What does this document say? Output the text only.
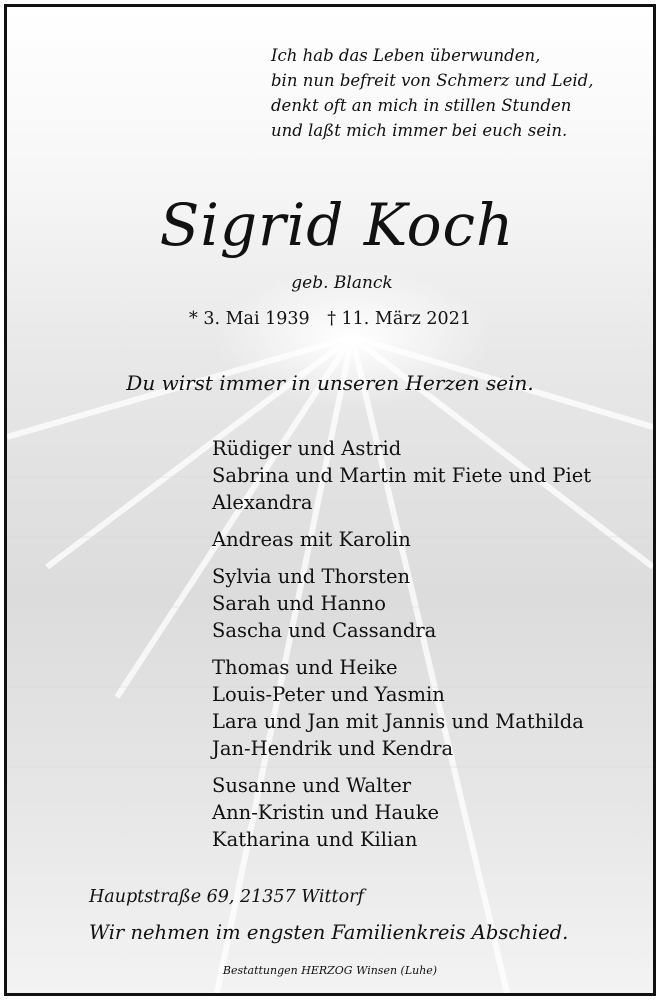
Ich hab das Leben überwunden,
bin nun befreit von Schmerz und Leid,
denkt oft an mich in stillen Stunden
und laßt mich immer bei euch sein.
Sigrid Koch
geb. Blanck
* 3. Mai 1939 † 11. März 2021
Du wirst immer in unseren Herzen sein.
Rüdiger und Astrid
Sabrina und Martin mit Fiete und Piet
Alexandra
Andreas mit Karolin
Sylvia und Thorsten
Sarah und Hanno
Sascha und Cassandra
Thomas und Heike
Louis-Peter und Yasmin
Lara und Jan mit Jannis und Mathilda
Jan-Hendrik und Kendra
Susanne und Walter
Ann-Kristin und Hauke
Katharina und Kilian
Hauptstraße 69, 21357 Wittorf
Wir nehmen im engsten Familienkreis Abschied.
Bestattungen HERZOG Winsen (Luhe)
